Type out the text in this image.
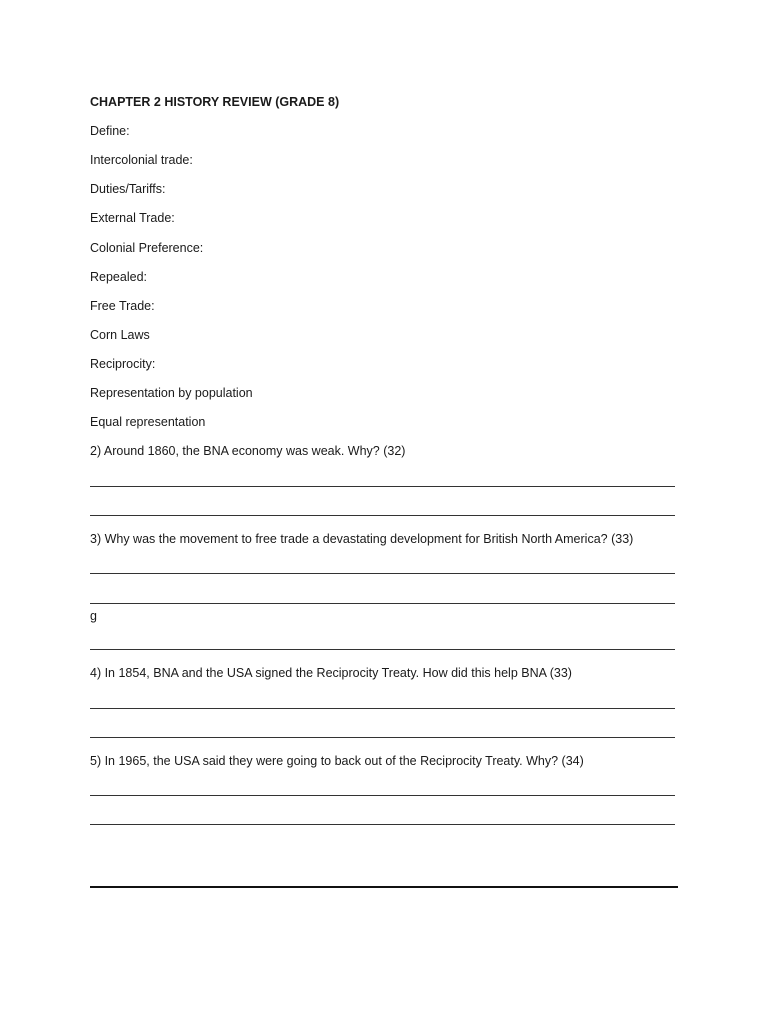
CHAPTER 2 HISTORY REVIEW (GRADE 8)
Define:
Intercolonial trade:
Duties/Tariffs:
External Trade:
Colonial Preference:
Repealed:
Free Trade:
Corn Laws
Reciprocity:
Representation by population
Equal representation
2) Around 1860, the BNA economy was weak. Why? (32)
3) Why was the movement to free trade a devastating development for British North America? (33)
g
4) In 1854, BNA and the USA signed the Reciprocity Treaty. How did this help BNA (33)
5) In 1965, the USA said they were going to back out of the Reciprocity Treaty. Why? (34)
